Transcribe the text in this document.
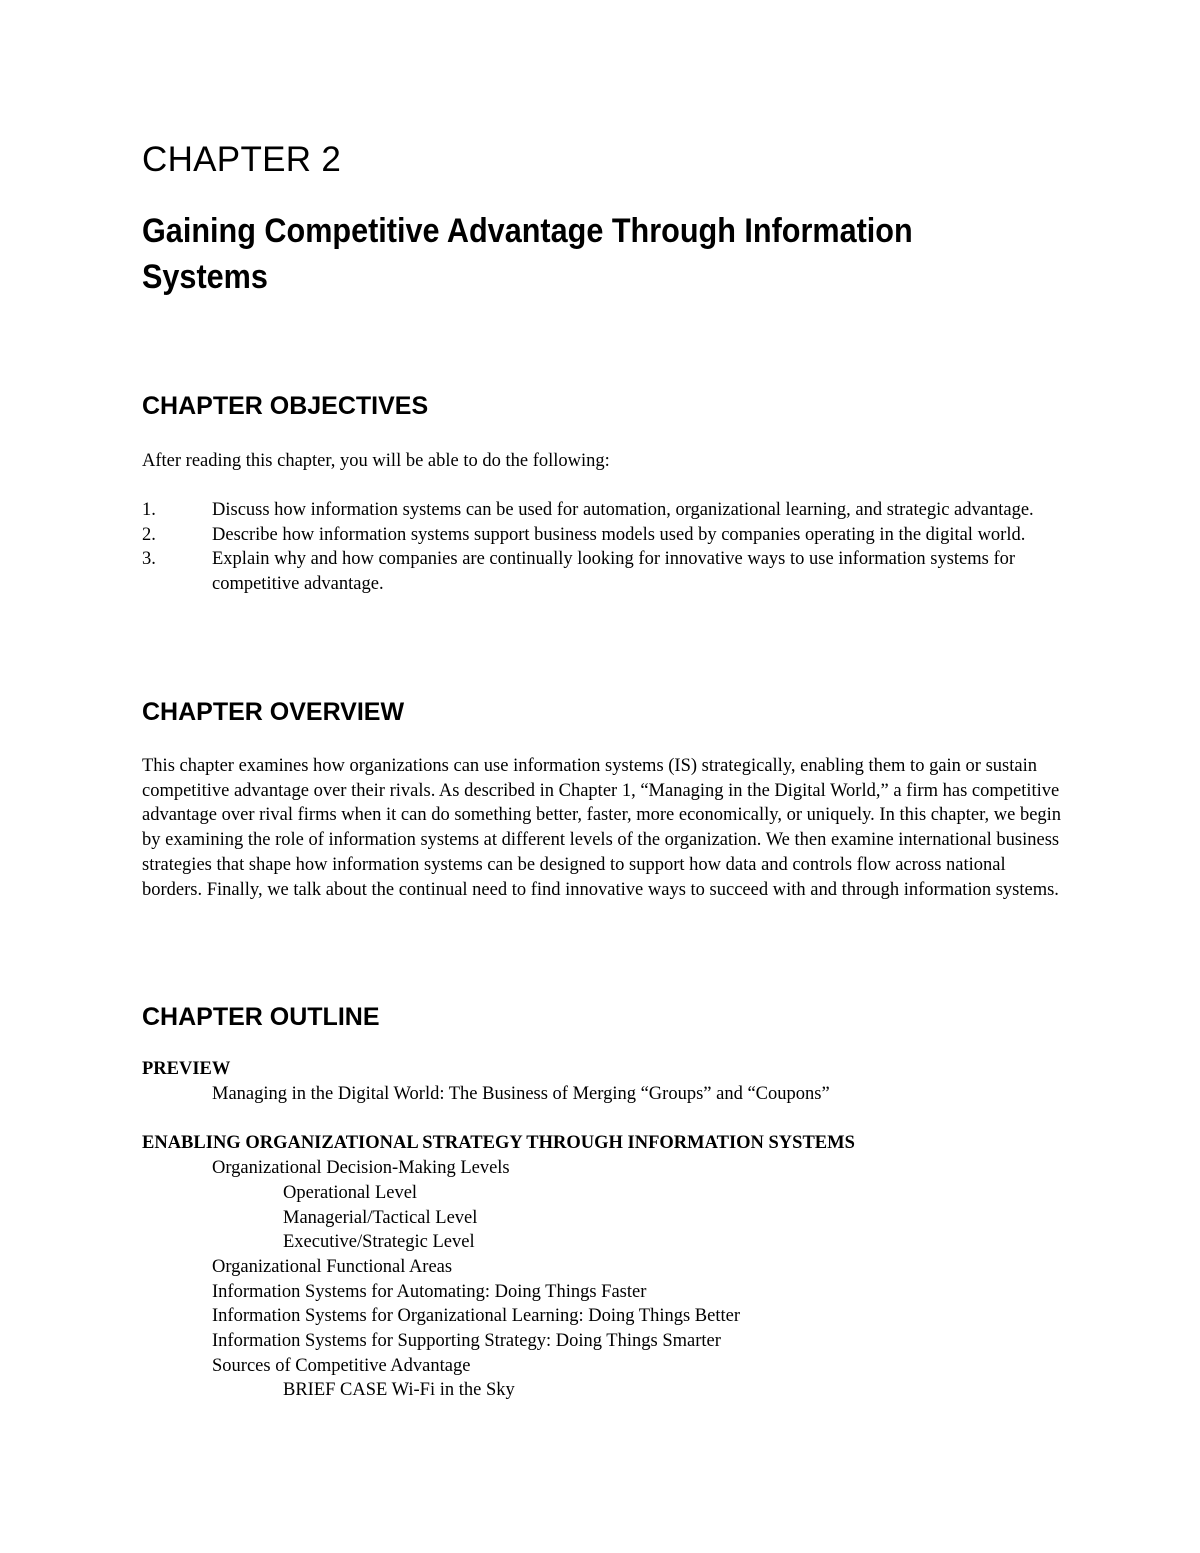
CHAPTER 2
Gaining Competitive Advantage Through Information Systems
CHAPTER OBJECTIVES

After reading this chapter, you will be able to do the following:

1.	Discuss how information systems can be used for automation, organizational learning, and strategic advantage.
2.	Describe how information systems support business models used by companies operating in the digital world.
3.	Explain why and how companies are continually looking for innovative ways to use information systems for competitive advantage.
CHAPTER OVERVIEW

This chapter examines how organizations can use information systems (IS) strategically, enabling them to gain or sustain competitive advantage over their rivals. As described in Chapter 1, “Managing in the Digital World,” a firm has competitive advantage over rival firms when it can do something better, faster, more economically, or uniquely. In this chapter, we begin by examining the role of information systems at different levels of the organization. We then examine international business strategies that shape how information systems can be designed to support how data and controls flow across national borders. Finally, we talk about the continual need to find innovative ways to succeed with and through information systems.

CHAPTER OUTLINE
PREVIEW
Managing in the Digital World: The Business of Merging “Groups” and “Coupons”
ENABLING ORGANIZATIONAL STRATEGY THROUGH INFORMATION SYSTEMS
Organizational Decision-Making Levels
Operational Level
Managerial/Tactical Level
Executive/Strategic Level
Organizational Functional Areas
Information Systems for Automating: Doing Things Faster
Information Systems for Organizational Learning: Doing Things Better
Information Systems for Supporting Strategy: Doing Things Smarter
Sources of Competitive Advantage
BRIEF CASE Wi-Fi in the Sky
